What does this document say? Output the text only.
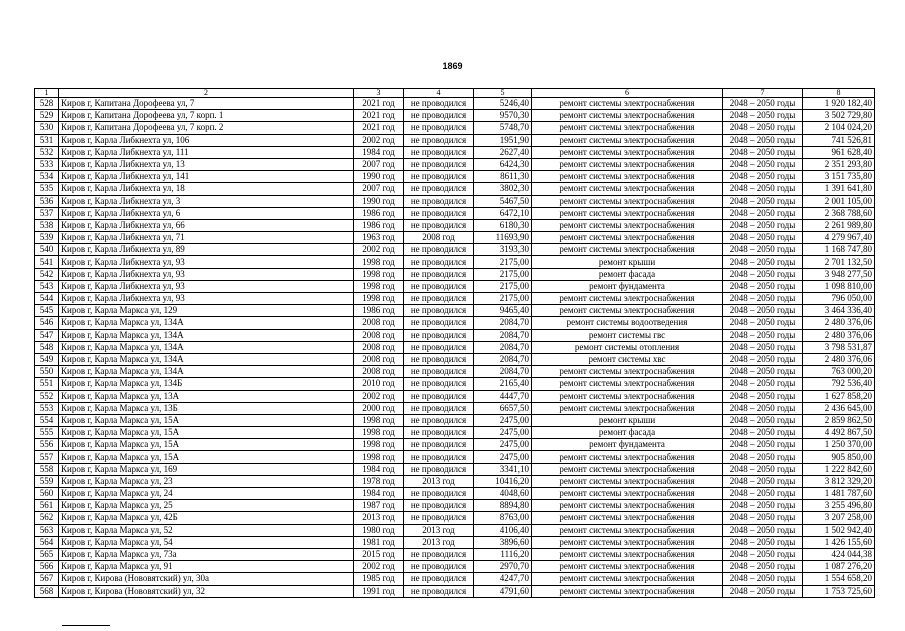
1869
1	2	3	4	5	6	7	8
528	Киров г, Капитана Дорофеева ул, 7	2021 год	не проводился	5246,40	ремонт системы электроснабжения	2048 – 2050 годы	1 920 182,40
529	Киров г, Капитана Дорофеева ул, 7 корп. 1	2021 год	не проводился	9570,30	ремонт системы электроснабжения	2048 – 2050 годы	3 502 729,80
530	Киров г, Капитана Дорофеева ул, 7 корп. 2	2021 год	не проводился	5748,70	ремонт системы электроснабжения	2048 – 2050 годы	2 104 024,20
531	Киров г, Карла Либкнехта ул, 106	2002 год	не проводился	1951,90	ремонт системы электроснабжения	2048 – 2050 годы	741 526,81
532	Киров г, Карла Либкнехта ул, 111	1984 год	не проводился	2627,40	ремонт системы электроснабжения	2048 – 2050 годы	961 628,40
533	Киров г, Карла Либкнехта ул, 13	2007 год	не проводился	6424,30	ремонт системы электроснабжения	2048 – 2050 годы	2 351 293,80
534	Киров г, Карла Либкнехта ул, 141	1990 год	не проводился	8611,30	ремонт системы электроснабжения	2048 – 2050 годы	3 151 735,80
535	Киров г, Карла Либкнехта ул, 18	2007 год	не проводился	3802,30	ремонт системы электроснабжения	2048 – 2050 годы	1 391 641,80
536	Киров г, Карла Либкнехта ул, 3	1990 год	не проводился	5467,50	ремонт системы электроснабжения	2048 – 2050 годы	2 001 105,00
537	Киров г, Карла Либкнехта ул, 6	1986 год	не проводился	6472,10	ремонт системы электроснабжения	2048 – 2050 годы	2 368 788,60
538	Киров г, Карла Либкнехта ул, 66	1986 год	не проводился	6180,30	ремонт системы электроснабжения	2048 – 2050 годы	2 261 989,80
539	Киров г, Карла Либкнехта ул, 71	1963 год	2008 год	11693,90	ремонт системы электроснабжения	2048 – 2050 годы	4 279 967,40
540	Киров г, Карла Либкнехта ул, 89	2002 год	не проводился	3193,30	ремонт системы электроснабжения	2048 – 2050 годы	1 168 747,80
541	Киров г, Карла Либкнехта ул, 93	1998 год	не проводился	2175,00	ремонт крыши	2048 – 2050 годы	2 701 132,50
542	Киров г, Карла Либкнехта ул, 93	1998 год	не проводился	2175,00	ремонт фасада	2048 – 2050 годы	3 948 277,50
543	Киров г, Карла Либкнехта ул, 93	1998 год	не проводился	2175,00	ремонт фундамента	2048 – 2050 годы	1 098 810,00
544	Киров г, Карла Либкнехта ул, 93	1998 год	не проводился	2175,00	ремонт системы электроснабжения	2048 – 2050 годы	796 050,00
545	Киров г, Карла Маркса ул, 129	1986 год	не проводился	9465,40	ремонт системы электроснабжения	2048 – 2050 годы	3 464 336,40
546	Киров г, Карла Маркса ул, 134А	2008 год	не проводился	2084,70	ремонт системы водоотведения	2048 – 2050 годы	2 480 376,06
547	Киров г, Карла Маркса ул, 134А	2008 год	не проводился	2084,70	ремонт системы гвс	2048 – 2050 годы	2 480 376,06
548	Киров г, Карла Маркса ул, 134А	2008 год	не проводился	2084,70	ремонт системы отопления	2048 – 2050 годы	3 798 531,87
549	Киров г, Карла Маркса ул, 134А	2008 год	не проводился	2084,70	ремонт системы хвс	2048 – 2050 годы	2 480 376,06
550	Киров г, Карла Маркса ул, 134А	2008 год	не проводился	2084,70	ремонт системы электроснабжения	2048 – 2050 годы	763 000,20
551	Киров г, Карла Маркса ул, 134Б	2010 год	не проводился	2165,40	ремонт системы электроснабжения	2048 – 2050 годы	792 536,40
552	Киров г, Карла Маркса ул, 13А	2002 год	не проводился	4447,70	ремонт системы электроснабжения	2048 – 2050 годы	1 627 858,20
553	Киров г, Карла Маркса ул, 13Б	2000 год	не проводился	6657,50	ремонт системы электроснабжения	2048 – 2050 годы	2 436 645,00
554	Киров г, Карла Маркса ул, 15А	1998 год	не проводился	2475,00	ремонт крыши	2048 – 2050 годы	2 859 862,50
555	Киров г, Карла Маркса ул, 15А	1998 год	не проводился	2475,00	ремонт фасада	2048 – 2050 годы	4 492 867,50
556	Киров г, Карла Маркса ул, 15А	1998 год	не проводился	2475,00	ремонт фундамента	2048 – 2050 годы	1 250 370,00
557	Киров г, Карла Маркса ул, 15А	1998 год	не проводился	2475,00	ремонт системы электроснабжения	2048 – 2050 годы	905 850,00
558	Киров г, Карла Маркса ул, 169	1984 год	не проводился	3341,10	ремонт системы электроснабжения	2048 – 2050 годы	1 222 842,60
559	Киров г, Карла Маркса ул, 23	1978 год	2013 год	10416,20	ремонт системы электроснабжения	2048 – 2050 годы	3 812 329,20
560	Киров г, Карла Маркса ул, 24	1984 год	не проводился	4048,60	ремонт системы электроснабжения	2048 – 2050 годы	1 481 787,60
561	Киров г, Карла Маркса ул, 25	1987 год	не проводился	8894,80	ремонт системы электроснабжения	2048 – 2050 годы	3 255 496,80
562	Киров г, Карла Маркса ул, 42Б	2013 год	не проводился	8763,00	ремонт системы электроснабжения	2048 – 2050 годы	3 207 258,00
563	Киров г, Карла Маркса ул, 52	1980 год	2013 год	4106,40	ремонт системы электроснабжения	2048 – 2050 годы	1 502 942,40
564	Киров г, Карла Маркса ул, 54	1981 год	2013 год	3896,60	ремонт системы электроснабжения	2048 – 2050 годы	1 426 155,60
565	Киров г, Карла Маркса ул, 73а	2015 год	не проводился	1116,20	ремонт системы электроснабжения	2048 – 2050 годы	424 044,38
566	Киров г, Карла Маркса ул, 91	2002 год	не проводился	2970,70	ремонт системы электроснабжения	2048 – 2050 годы	1 087 276,20
567	Киров г, Кирова (Нововятский) ул, 30а	1985 год	не проводился	4247,70	ремонт системы электроснабжения	2048 – 2050 годы	1 554 658,20
568	Киров г, Кирова (Нововятский) ул, 32	1991 год	не проводился	4791,60	ремонт системы электроснабжения	2048 – 2050 годы	1 753 725,60
